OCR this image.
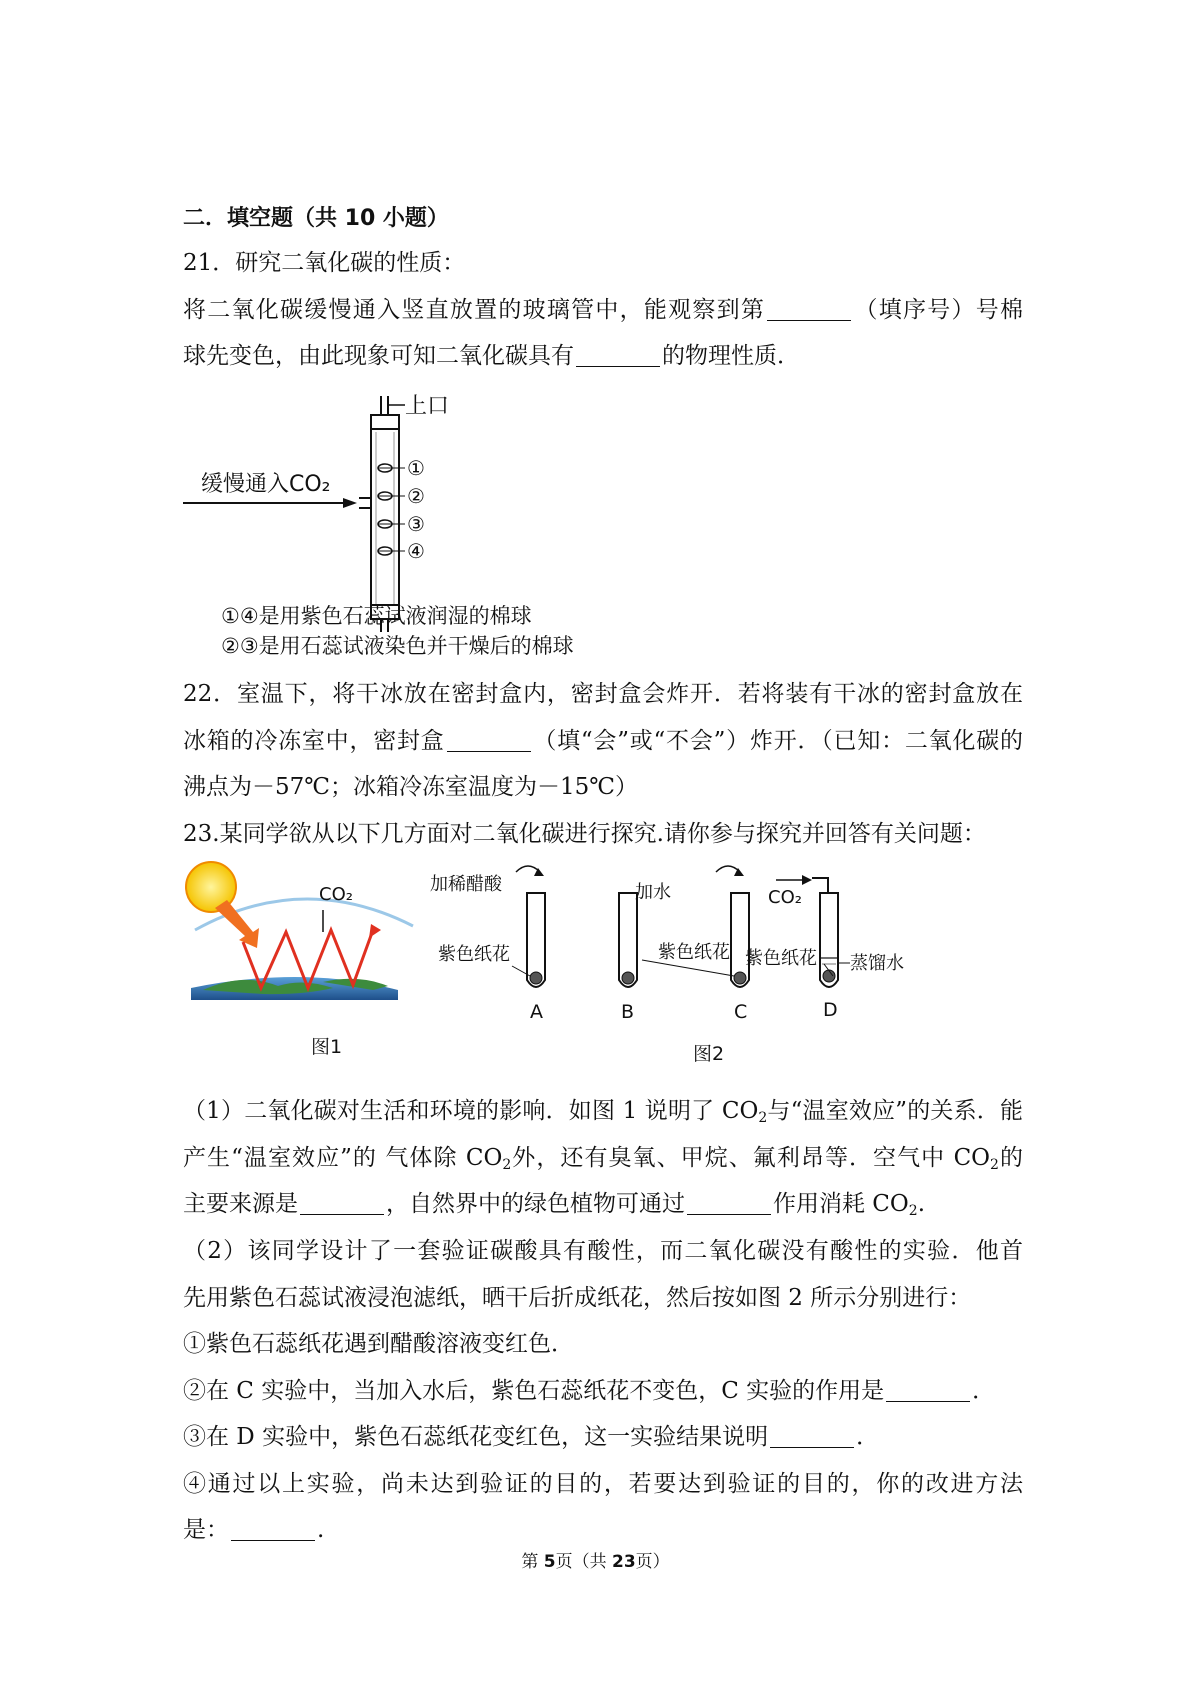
二．填空题（共 10 小题）
21．研究二氧化碳的性质：
将二氧化碳缓慢通入竖直放置的玻璃管中，能观察到第	（填序号）号棉
球先变色，由此现象可知二氧化碳具有	的物理性质．
上口
缓慢通入CO₂
①
②
③
④
①④是用紫色石蕊试液润湿的棉球
②③是用石蕊试液染色并干燥后的棉球
22．室温下，将干冰放在密封盒内，密封盒会炸开．若将装有干冰的密封盒放在
冰箱的冷冻室中，密封盒	（填“会”或“不会”）炸开．（已知：二氧化碳的
沸点为－57℃；冰箱冷冻室温度为－15℃）
23.某同学欲从以下几方面对二氧化碳进行探究.请你参与探究并回答有关问题：
CO₂
图1
加稀醋酸
紫色纸花
A	B
加水
紫色纸花
C
CO₂
紫色纸花 蒸馏水
D
图2
（1）二氧化碳对生活和环境的影响．如图 1 说明了 $CO_2$与“温室效应”的关系．能
产生“温室效应”的 气体除 $CO_2$外，还有臭氧、甲烷、氟利昂等．空气中 $CO_2$的
主要来源是	，自然界中的绿色植物可通过	作用消耗 $CO_2$.
（2）该同学设计了一套验证碳酸具有酸性，而二氧化碳没有酸性的实验．他首
先用紫色石蕊试液浸泡滤纸，晒干后折成纸花，然后按如图 2 所示分别进行：
①紫色石蕊纸花遇到醋酸溶液变红色．
②在 C 实验中，当加入水后，紫色石蕊纸花不变色，C 实验的作用是	．
③在 D 实验中，紫色石蕊纸花变红色，这一实验结果说明	．
④通过以上实验，尚未达到验证的目的，若要达到验证的目的，你的改进方法
是：	.
第 5页（共 23页）
